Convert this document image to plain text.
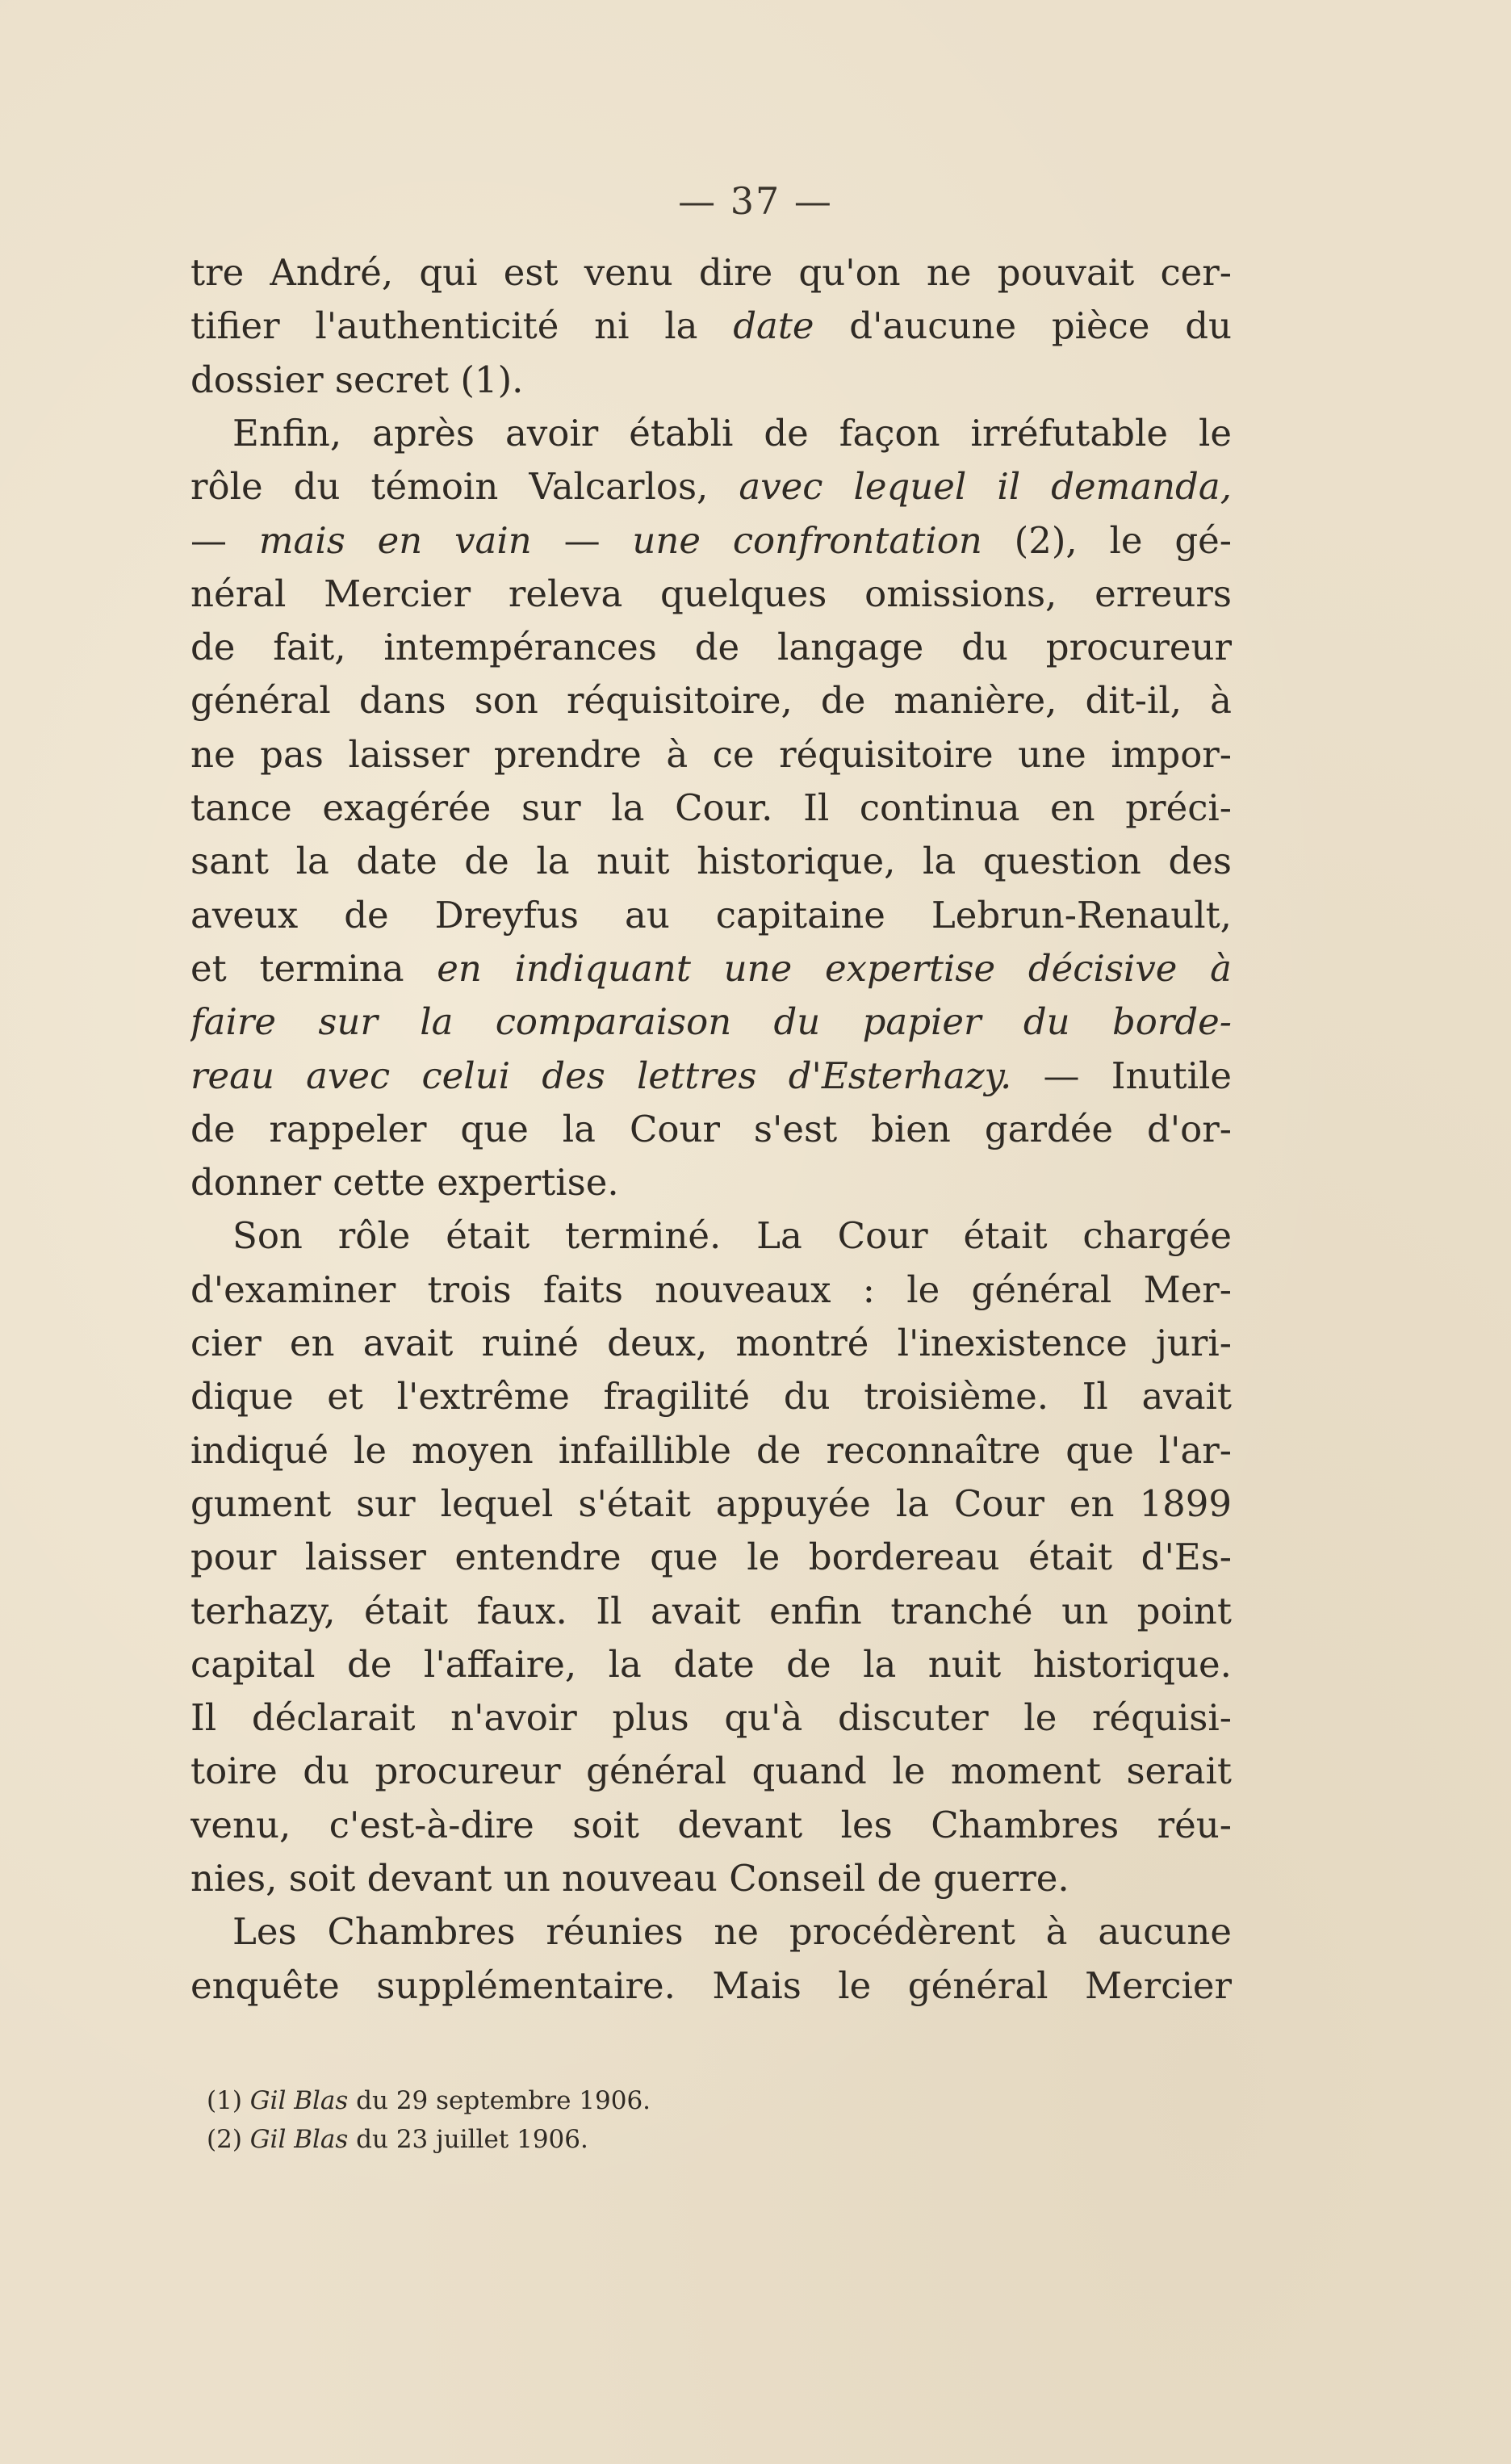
— 37 —
tre André, qui est venu dire qu'on ne pouvait cer-
tifier l'authenticité ni la date d'aucune pièce du
dossier secret (1).
Enfin, après avoir établi de façon irréfutable le
rôle du témoin Valcarlos, avec lequel il demanda,
— mais en vain — une confrontation (2), le gé-
néral Mercier releva quelques omissions, erreurs
de fait, intempérances de langage du procureur
général dans son réquisitoire, de manière, dit-il, à
ne pas laisser prendre à ce réquisitoire une impor-
tance exagérée sur la Cour. Il continua en préci-
sant la date de la nuit historique, la question des
aveux de Dreyfus au capitaine Lebrun-Renault,
et termina en indiquant une expertise décisive à
faire sur la comparaison du papier du borde-
reau avec celui des lettres d'Esterhazy. — Inutile
de rappeler que la Cour s'est bien gardée d'or-
donner cette expertise.
Son rôle était terminé. La Cour était chargée
d'examiner trois faits nouveaux : le général Mer-
cier en avait ruiné deux, montré l'inexistence juri-
dique et l'extrême fragilité du troisième. Il avait
indiqué le moyen infaillible de reconnaître que l'ar-
gument sur lequel s'était appuyée la Cour en 1899
pour laisser entendre que le bordereau était d'Es-
terhazy, était faux. Il avait enfin tranché un point
capital de l'affaire, la date de la nuit historique.
Il déclarait n'avoir plus qu'à discuter le réquisi-
toire du procureur général quand le moment serait
venu, c'est-à-dire soit devant les Chambres réu-
nies, soit devant un nouveau Conseil de guerre.
Les Chambres réunies ne procédèrent à aucune
enquête supplémentaire. Mais le général Mercier
(1) Gil Blas du 29 septembre 1906.
(2) Gil Blas du 23 juillet 1906.
